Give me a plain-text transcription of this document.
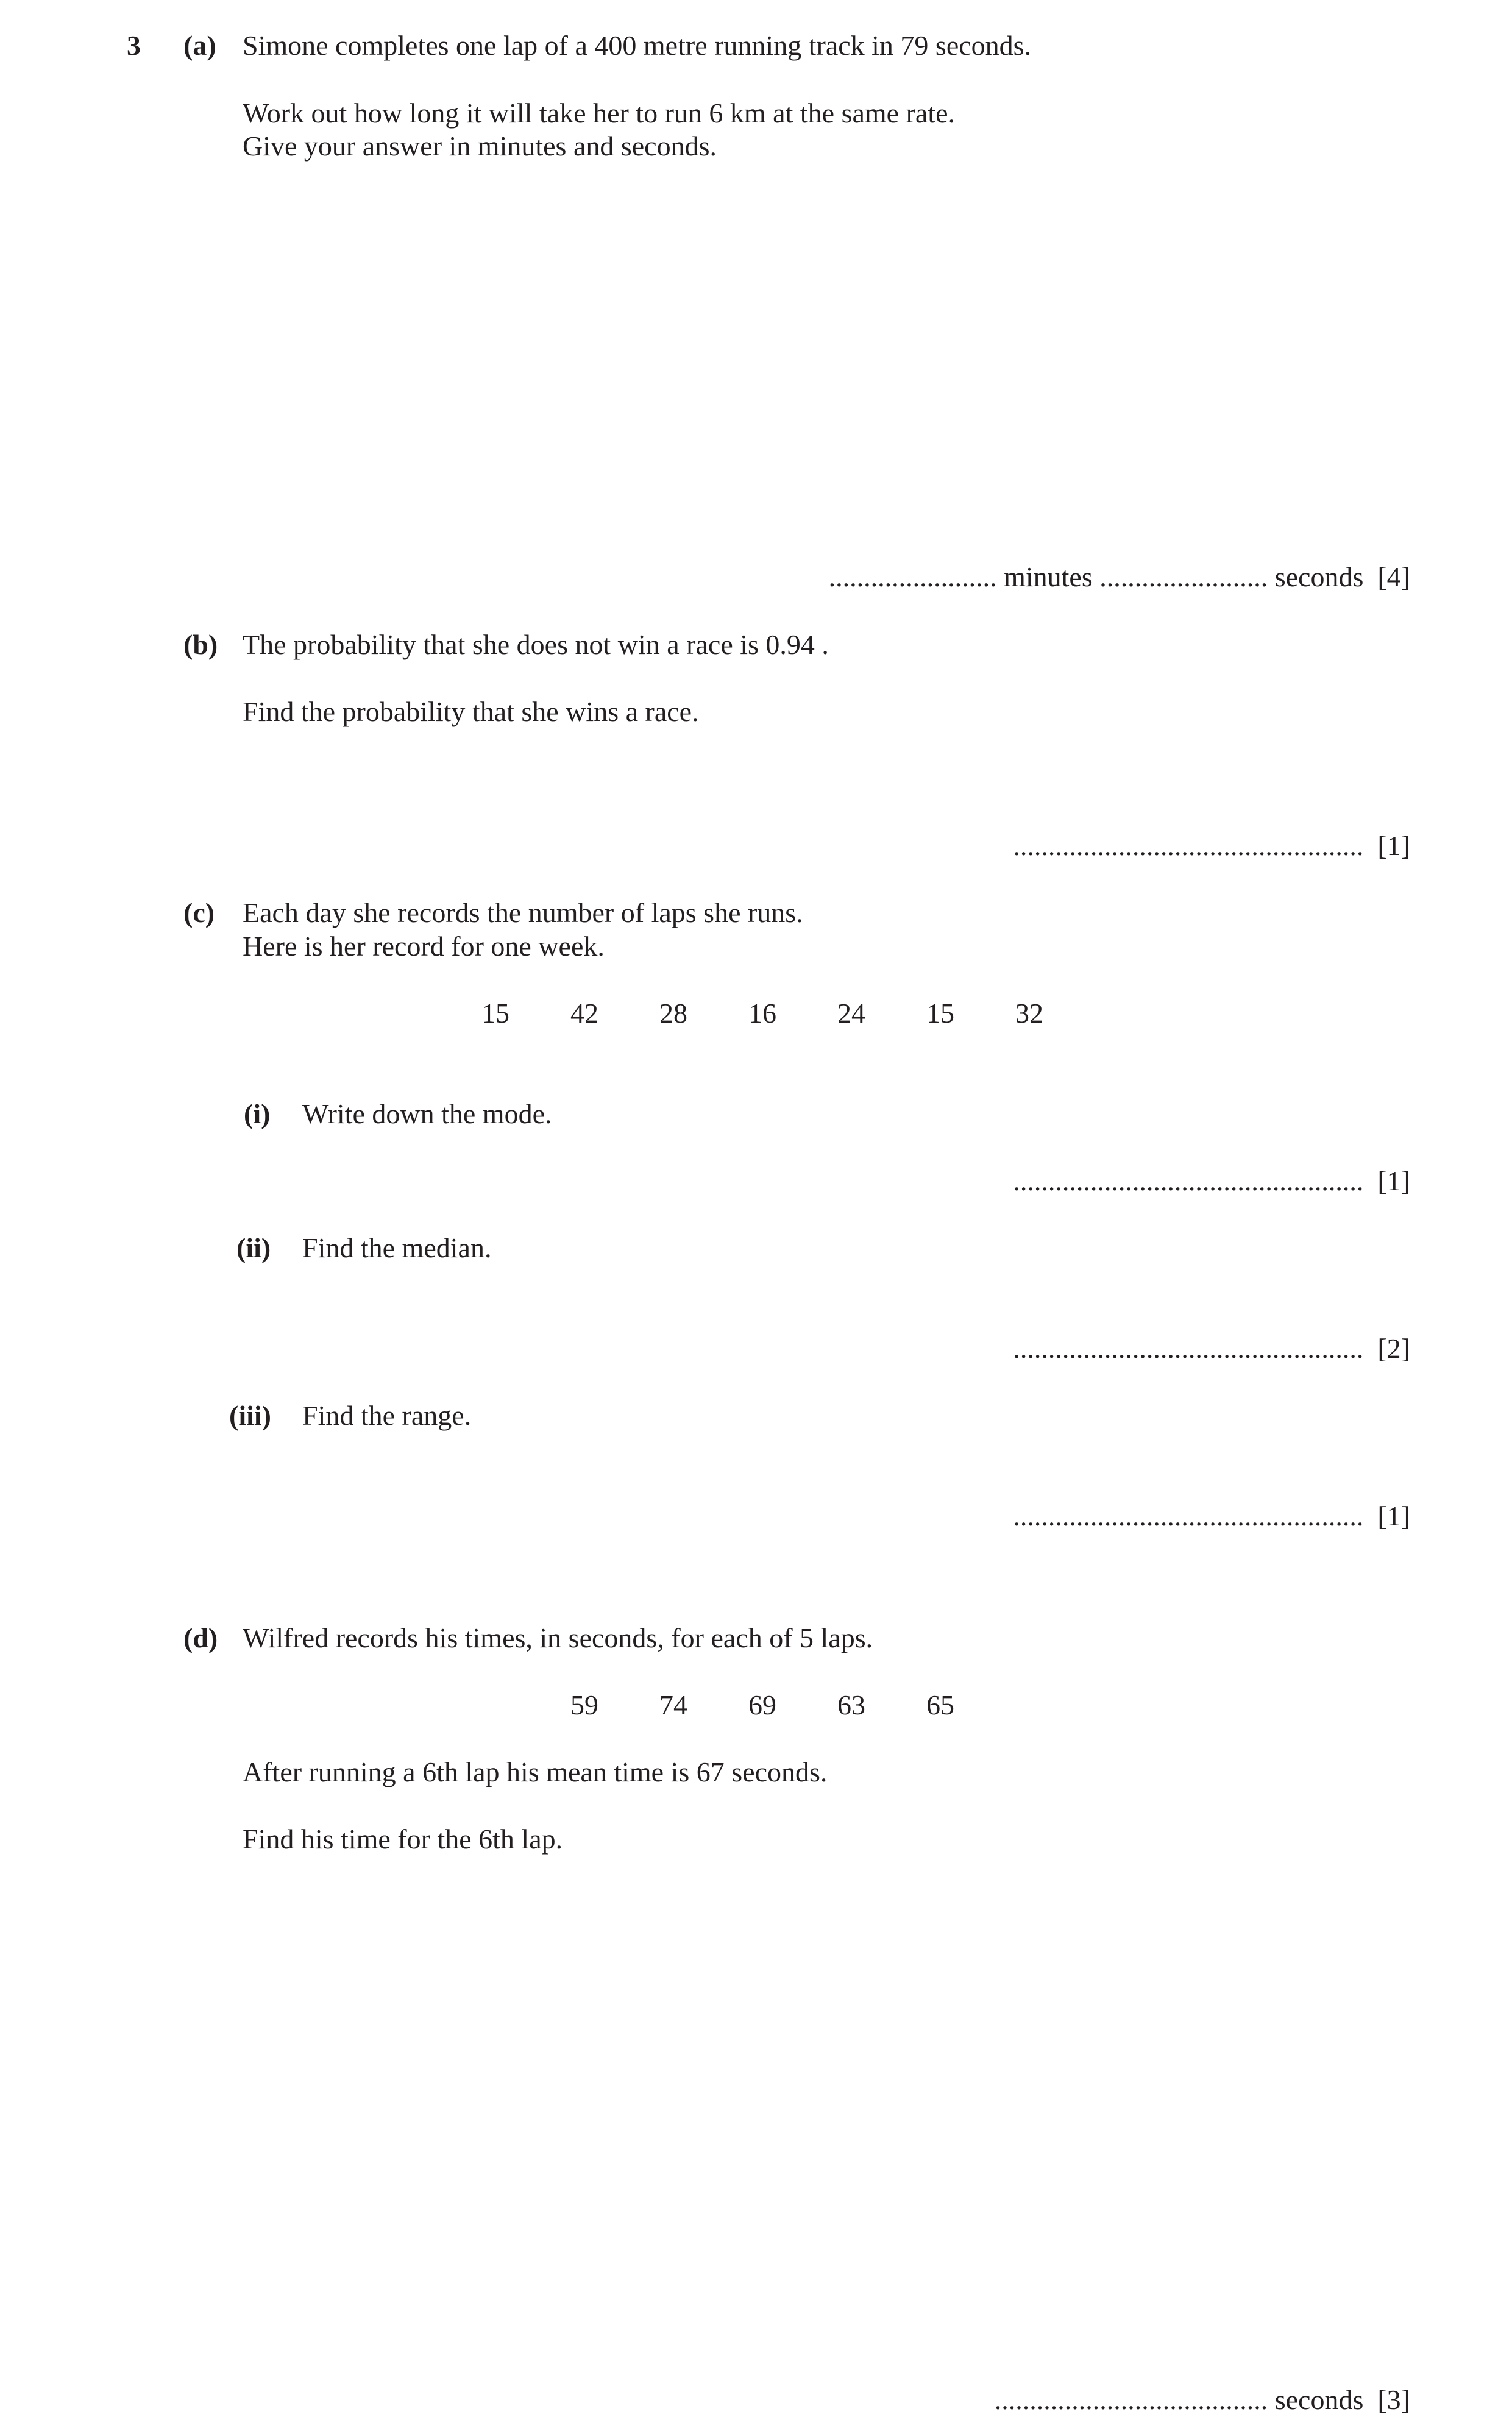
3 (a) Simone completes one lap of a 400 metre running track in 79 seconds.
Work out how long it will take her to run 6 km at the same rate.
Give your answer in minutes and seconds.
........................ minutes ........................ seconds  [4]
(b) The probability that she does not win a race is 0.94 .
Find the probability that she wins a race.
..................................................  [1]
(c) Each day she records the number of laps she runs.
Here is her record for one week.
15	42	28	16	24	15	32
(i) Write down the mode.
..................................................  [1]
(ii) Find the median.
..................................................  [2]
(iii) Find the range.
..................................................  [1]
(d) Wilfred records his times, in seconds, for each of 5 laps.
59	74	69	63	65
After running a 6th lap his mean time is 67 seconds.
Find his time for the 6th lap.
....................................... seconds  [3]
